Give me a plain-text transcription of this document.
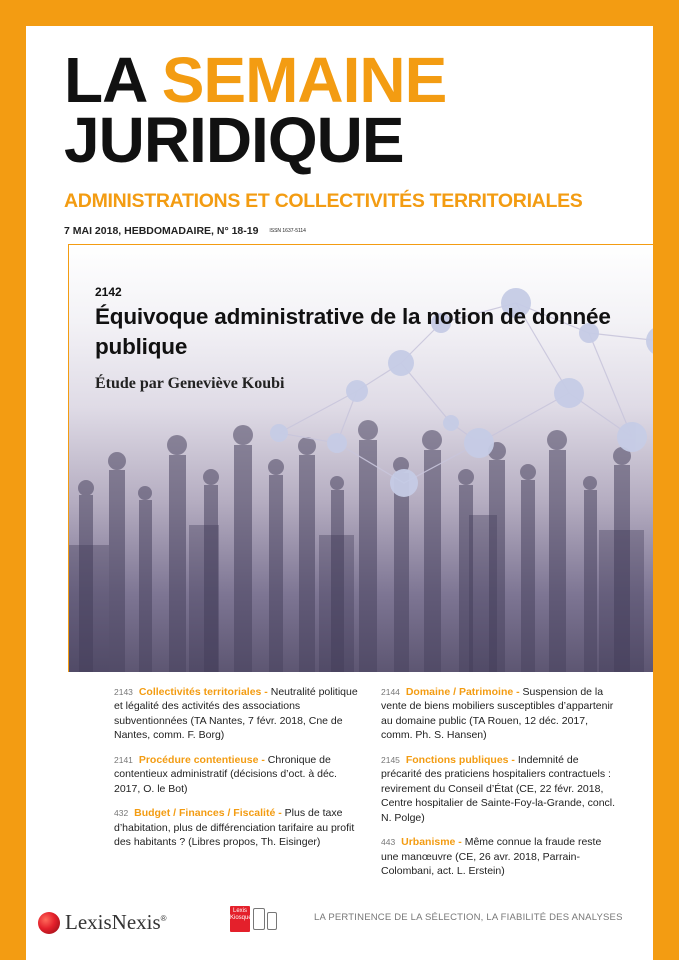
LA SEMAINE
JURIDIQUE
ADMINISTRATIONS ET COLLECTIVITÉS TERRITORIALES
7 MAI 2018, HEBDOMADAIRE, N° 18-19 ISSN 1637-5114
2142
Équivoque administrative de la notion de donnée publique
Étude par Geneviève Koubi

2143 Collectivités territoriales - Neutralité politique et légalité des activités des associations subventionnées (TA Nantes, 7 févr. 2018, Cne de Nantes, comm. F. Borg)

2141 Procédure contentieuse - Chronique de contentieux administratif (décisions d’oct. à déc. 2017, O. le Bot)

432 Budget / Finances / Fiscalité - Plus de taxe d’habitation, plus de différenciation tarifaire au profit des habitants ? (Libres propos, Th. Eisinger)

2144 Domaine / Patrimoine - Suspension de la vente de biens mobiliers susceptibles d’appartenir au domaine public (TA Rouen, 12 déc. 2017, comm. Ph. S. Hansen)

2145 Fonctions publiques - Indemnité de précarité des praticiens hospitaliers contractuels : revirement du Conseil d’État (CE, 22 févr. 2018, Centre hospitalier de Sainte-Foy-la-Grande, concl. N. Polge)

443 Urbanisme - Même connue la fraude reste une manœuvre (CE, 26 avr. 2018, Parrain-Colombani, act. L. Erstein)

LexisNexis ®
Lexis
Kiosque	LA PERTINENCE DE LA SÉLECTION, LA FIABILITÉ DES ANALYSES
